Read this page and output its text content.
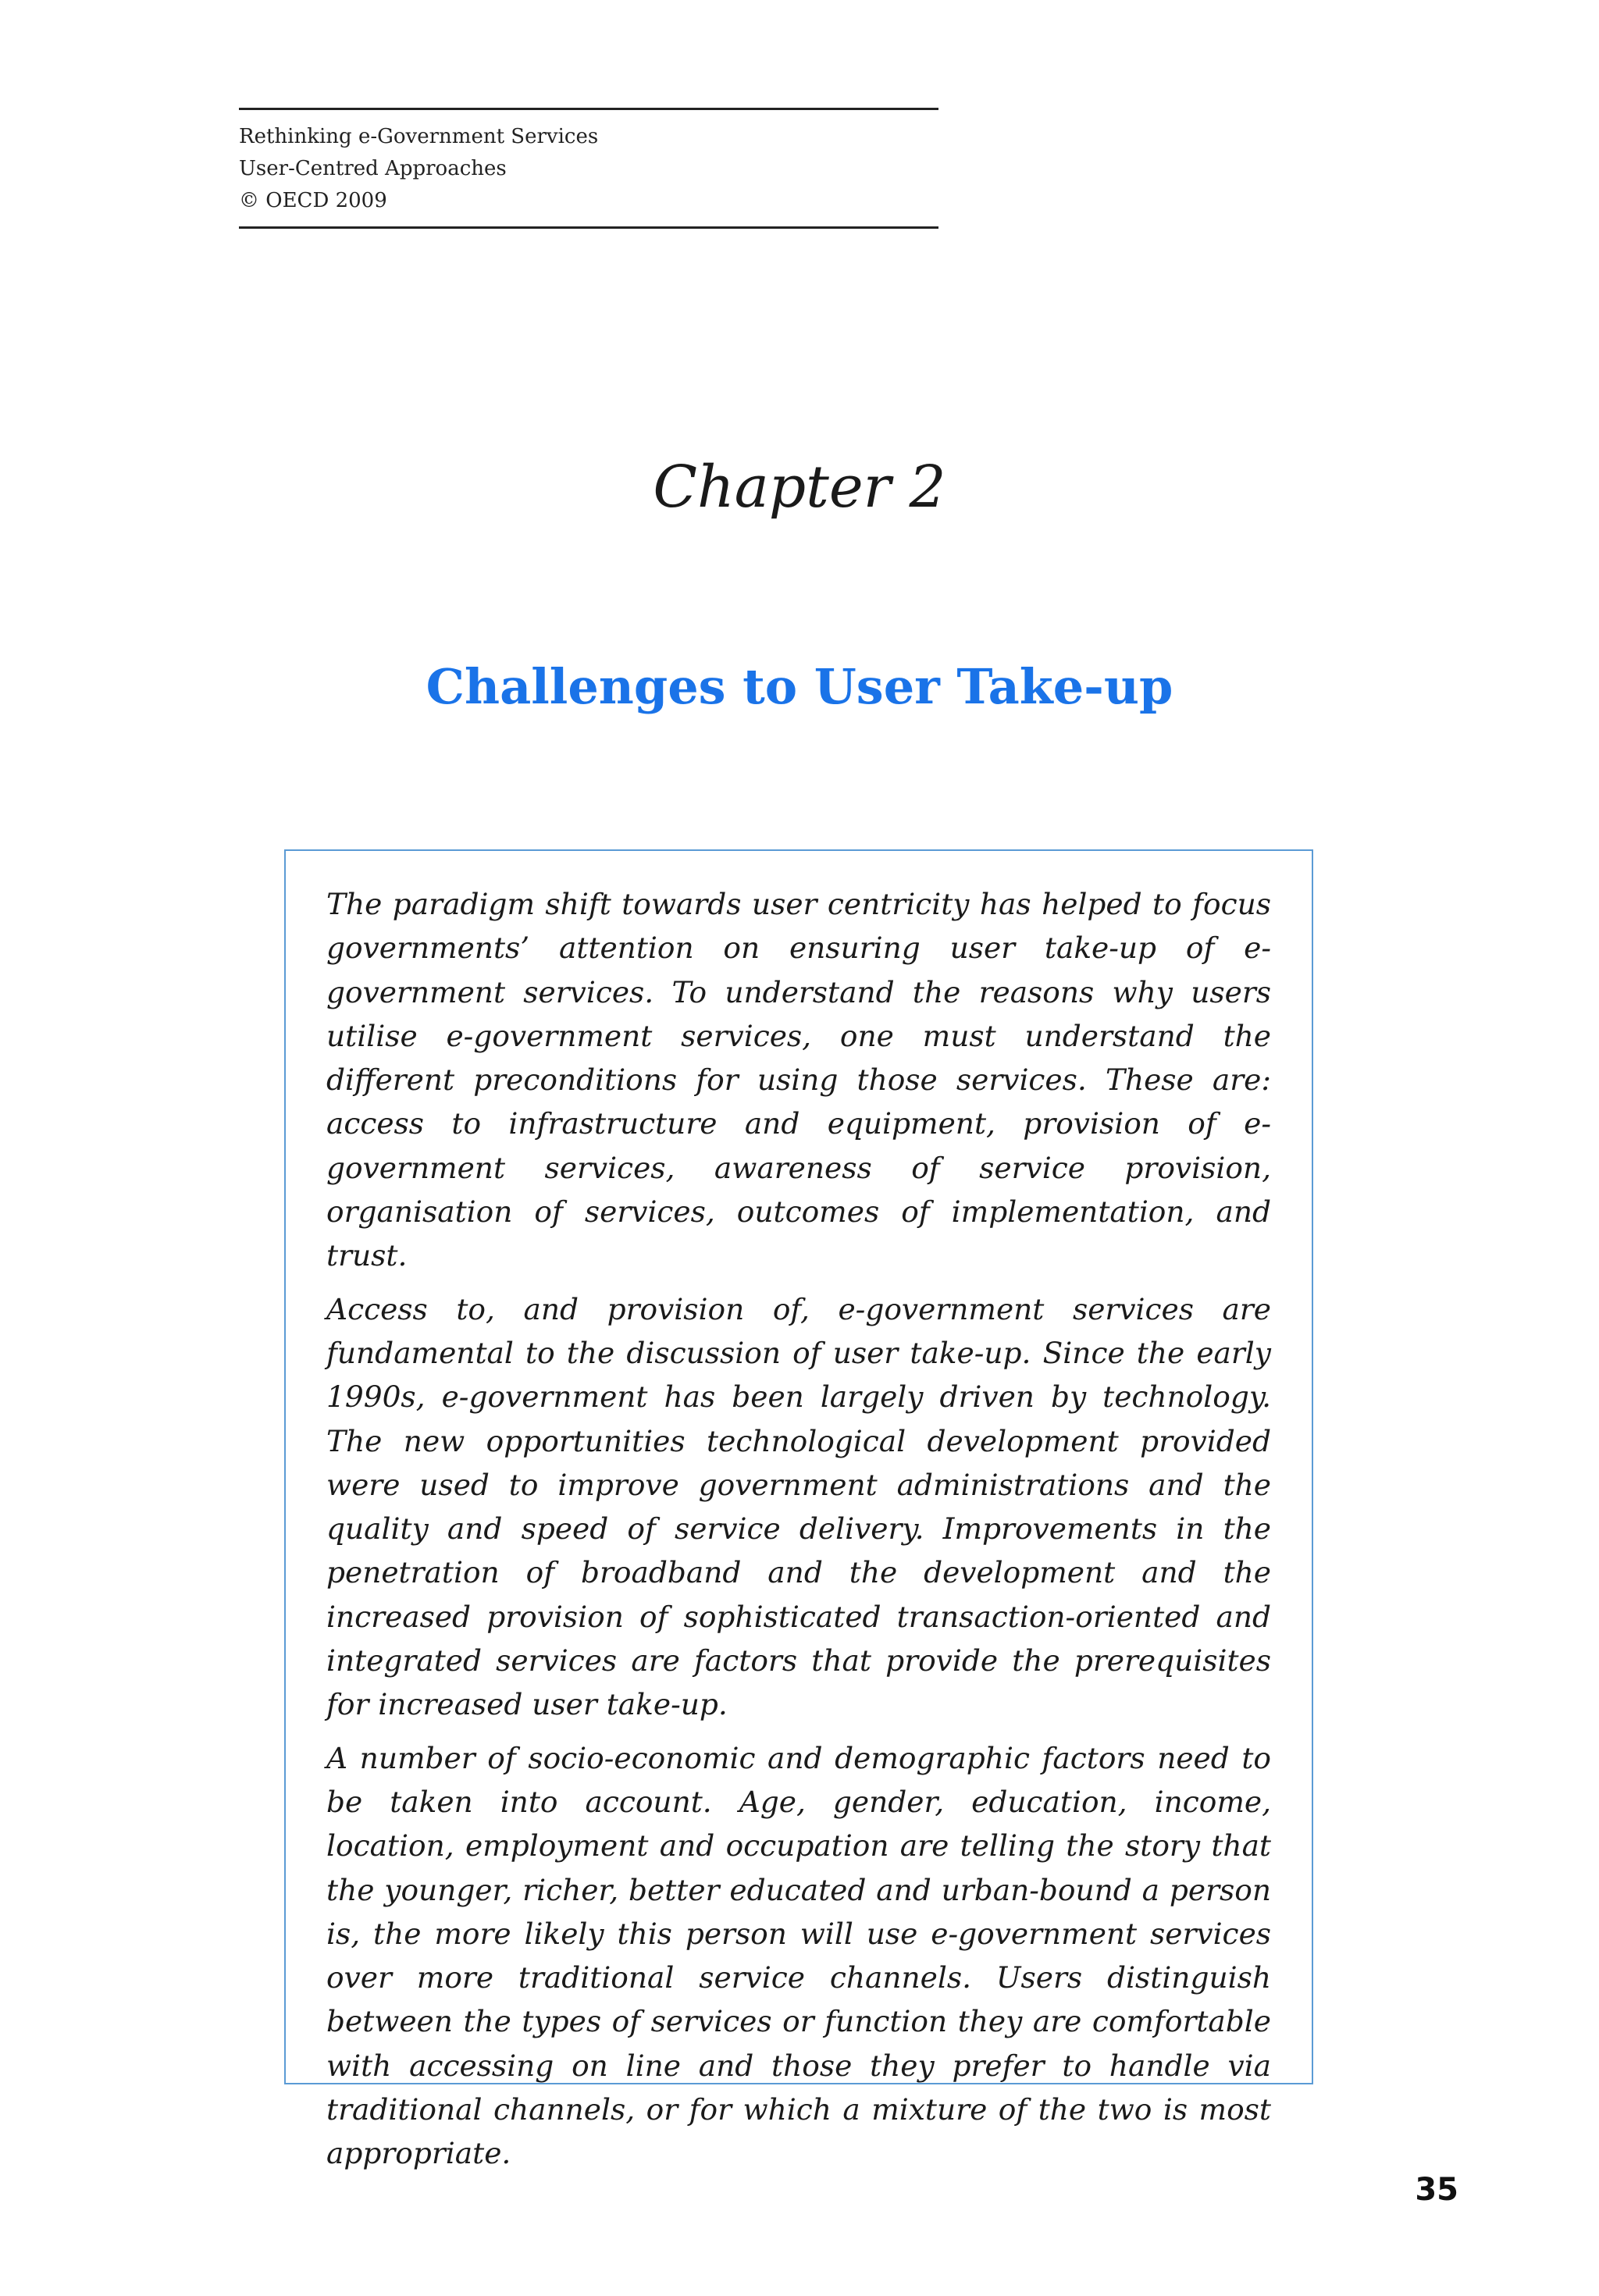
Rethinking e-Government Services
User-Centred Approaches
© OECD 2009
Chapter 2
Challenges to User Take-up

The paradigm shift towards user centricity has helped to focus governments’ attention on ensuring user take-up of e-government services. To understand the reasons why users utilise e-government services, one must understand the different preconditions for using those services. These are: access to infrastructure and equipment, provision of e-government services, awareness of service provision, organisation of services, outcomes of implementation, and trust.

Access to, and provision of, e-government services are fundamental to the discussion of user take-up. Since the early 1990s, e-government has been largely driven by technology. The new opportunities technological development provided were used to improve government administrations and the quality and speed of service delivery. Improvements in the penetration of broadband and the development and the increased provision of sophisticated transaction-oriented and integrated services are factors that provide the prerequisites for increased user take-up.

A number of socio-economic and demographic factors need to be taken into account. Age, gender, education, income, location, employment and occupation are telling the story that the younger, richer, better educated and urban-bound a person is, the more likely this person will use e-government services over more traditional service channels. Users distinguish between the types of services or function they are comfortable with accessing on line and those they prefer to handle via traditional channels, or for which a mixture of the two is most appropriate.

35
